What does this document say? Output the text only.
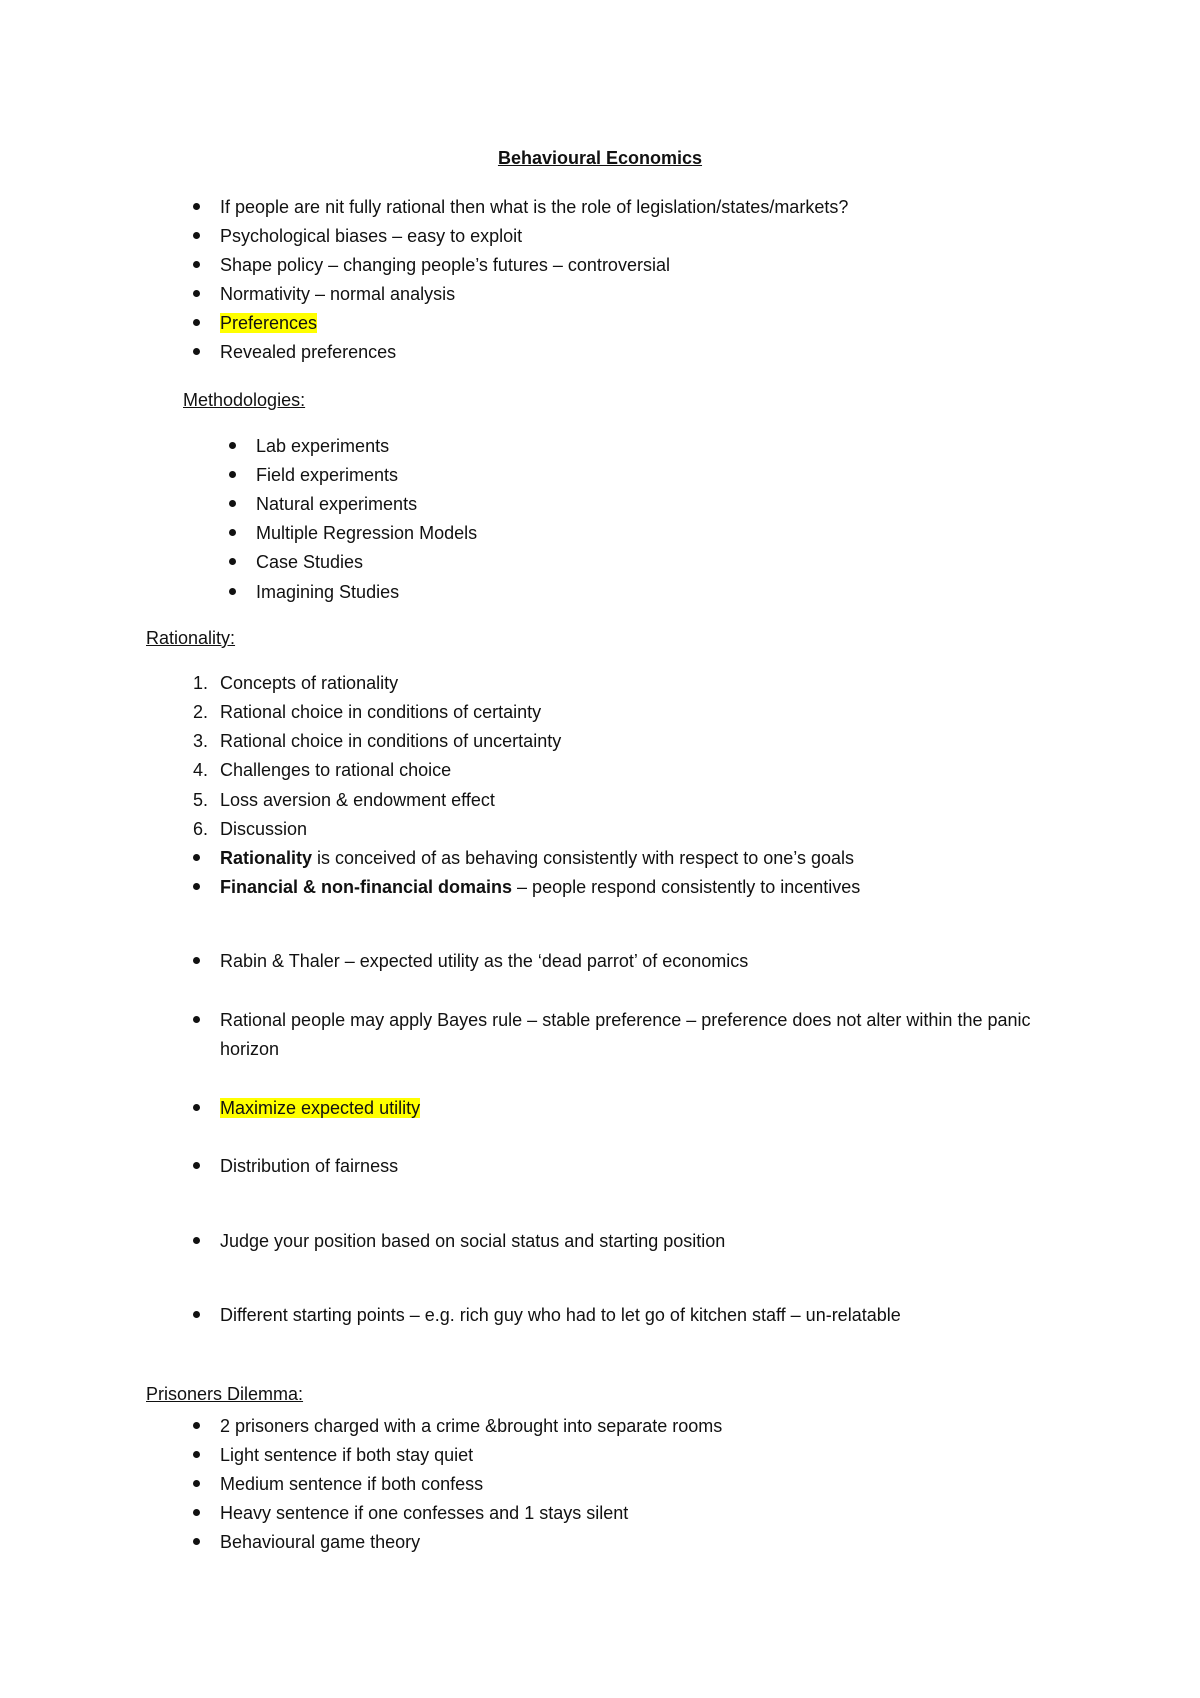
Behavioural Economics
If people are nit fully rational then what is the role of legislation/states/markets?
Psychological biases – easy to exploit
Shape policy – changing people’s futures – controversial
Normativity – normal analysis
Preferences
Revealed preferences
Methodologies:
Lab experiments
Field experiments
Natural experiments
Multiple Regression Models
Case Studies
Imagining Studies
Rationality:
1. Concepts of rationality
2. Rational choice in conditions of certainty
3. Rational choice in conditions of uncertainty
4. Challenges to rational choice
5. Loss aversion & endowment effect
6. Discussion
Rationality is conceived of as behaving consistently with respect to one’s goals
Financial & non-financial domains – people respond consistently to incentives
Rabin & Thaler – expected utility as the ‘dead parrot’ of economics
Rational people may apply Bayes rule – stable preference – preference does not alter within the panic horizon
Maximize expected utility
Distribution of fairness
Judge your position based on social status and starting position
Different starting points – e.g. rich guy who had to let go of kitchen staff – un-relatable
Prisoners Dilemma:
2 prisoners charged with a crime &brought into separate rooms
Light sentence if both stay quiet
Medium sentence if both confess
Heavy sentence if one confesses and 1 stays silent
Behavioural game theory
